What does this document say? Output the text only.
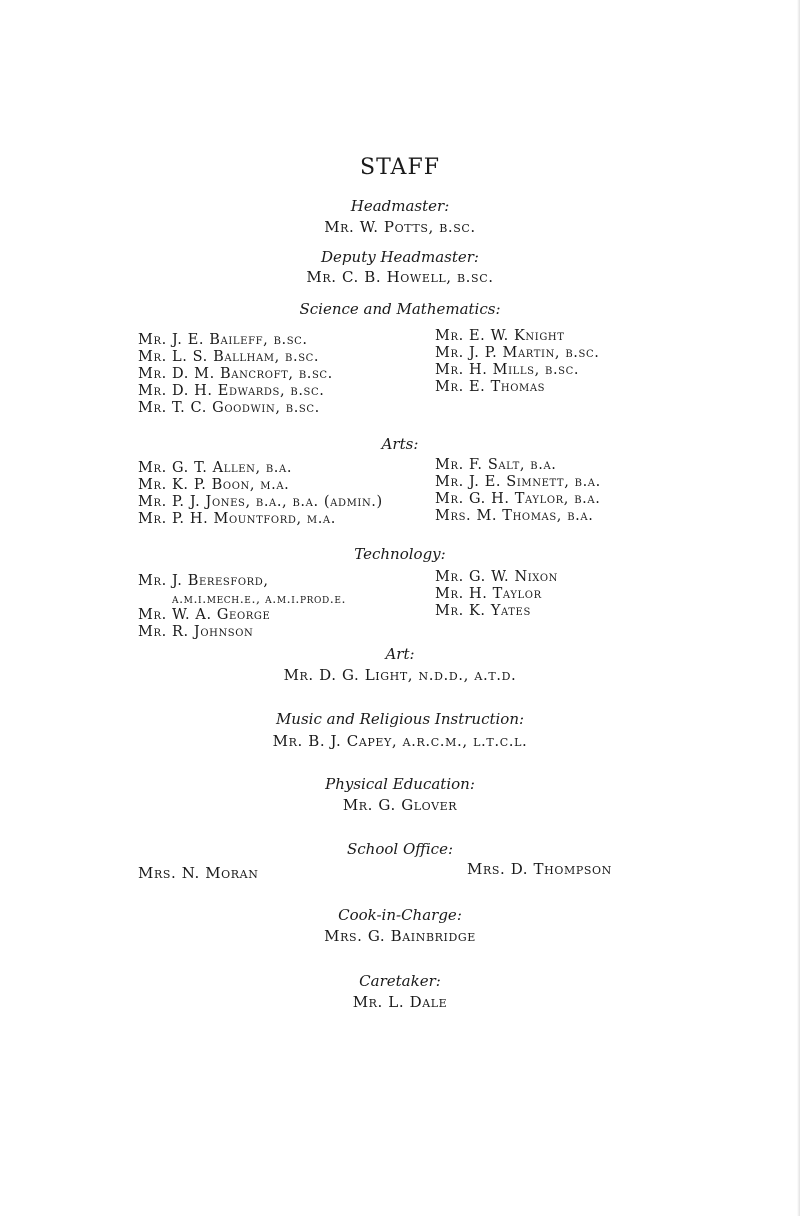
STAFF
Headmaster:
Mr. W. Potts, b.sc.
Deputy Headmaster:
Mr. C. B. Howell, b.sc.
Science and Mathematics:
Mr. J. E. Baileff, b.sc.
Mr. L. S. Ballham, b.sc.
Mr. D. M. Bancroft, b.sc.
Mr. D. H. Edwards, b.sc.
Mr. T. C. Goodwin, b.sc.
Mr. E. W. Knight
Mr. J. P. Martin, b.sc.
Mr. H. Mills, b.sc.
Mr. E. Thomas
Arts:
Mr. G. T. Allen, b.a.
Mr. K. P. Boon, m.a.
Mr. P. J. Jones, b.a., b.a. (admin.)
Mr. P. H. Mountford, m.a.
Mr. F. Salt, b.a.
Mr. J. E. Simnett, b.a.
Mr. G. H. Taylor, b.a.
Mrs. M. Thomas, b.a.
Technology:
Mr. J. Beresford,
a.m.i.mech.e., a.m.i.prod.e.
Mr. W. A. George
Mr. R. Johnson
Mr. G. W. Nixon
Mr. H. Taylor
Mr. K. Yates
Art:
Mr. D. G. Light, n.d.d., a.t.d.
Music and Religious Instruction:
Mr. B. J. Capey, a.r.c.m., l.t.c.l.
Physical Education:
Mr. G. Glover
School Office:
Mrs. N. Moran	Mrs. D. Thompson
Cook-in-Charge:
Mrs. G. Bainbridge
Caretaker:
Mr. L. Dale
